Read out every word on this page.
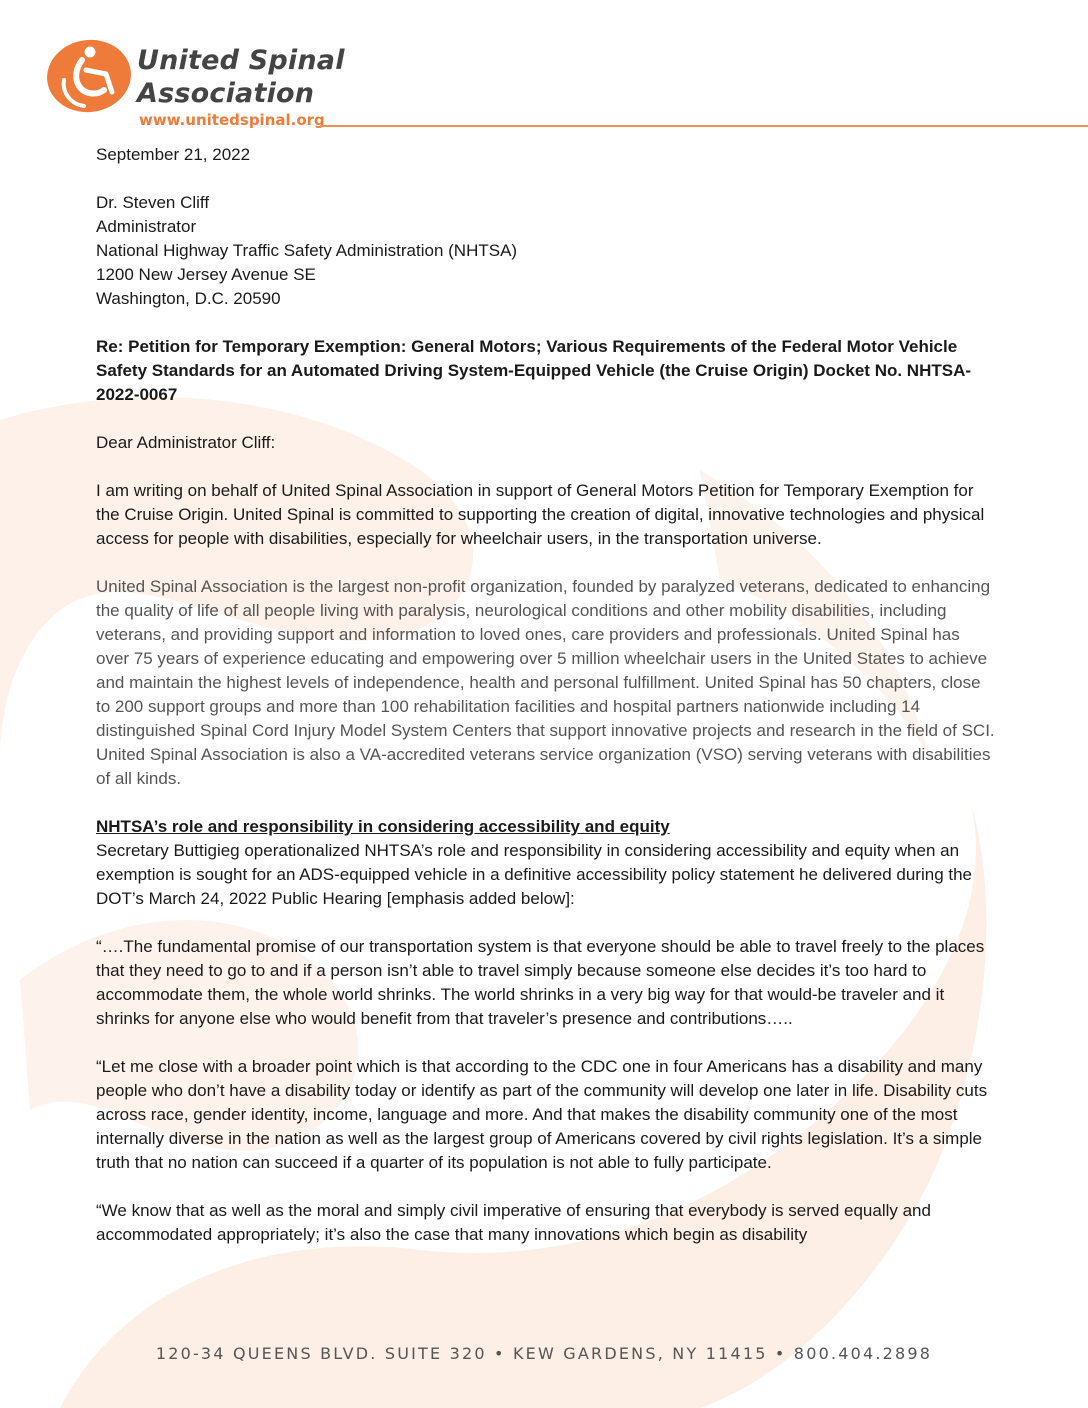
United Spinal
Association
www.unitedspinal.org

September 21, 2022

Dr. Steven Cliff
Administrator
National Highway Traffic Safety Administration (NHTSA)
1200 New Jersey Avenue SE
Washington, D.C. 20590

Re: Petition for Temporary Exemption: General Motors; Various Requirements of the Federal Motor Vehicle Safety Standards for an Automated Driving System-Equipped Vehicle (the Cruise Origin) Docket No. NHTSA-2022-0067

Dear Administrator Cliff:

I am writing on behalf of United Spinal Association in support of General Motors Petition for Temporary Exemption for the Cruise Origin. United Spinal is committed to supporting the creation of digital, innovative technologies and physical access for people with disabilities, especially for wheelchair users, in the transportation universe.

United Spinal Association is the largest non-profit organization, founded by paralyzed veterans, dedicated to enhancing the quality of life of all people living with paralysis, neurological conditions and other mobility disabilities, including veterans, and providing support and information to loved ones, care providers and professionals. United Spinal has over 75 years of experience educating and empowering over 5 million wheelchair users in the United States to achieve and maintain the highest levels of independence, health and personal fulfillment. United Spinal has 50 chapters, close to 200 support groups and more than 100 rehabilitation facilities and hospital partners nationwide including 14 distinguished Spinal Cord Injury Model System Centers that support innovative projects and research in the field of SCI. United Spinal Association is also a VA-accredited veterans service organization (VSO) serving veterans with disabilities of all kinds.

NHTSA’s role and responsibility in considering accessibility and equity
Secretary Buttigieg operationalized NHTSA’s role and responsibility in considering accessibility and equity when an exemption is sought for an ADS-equipped vehicle in a definitive accessibility policy statement he delivered during the DOT’s March 24, 2022 Public Hearing [emphasis added below]:

“….The fundamental promise of our transportation system is that everyone should be able to travel freely to the places that they need to go to and if a person isn’t able to travel simply because someone else decides it’s too hard to accommodate them, the whole world shrinks. The world shrinks in a very big way for that would-be traveler and it shrinks for anyone else who would benefit from that traveler’s presence and contributions…..

“Let me close with a broader point which is that according to the CDC one in four Americans has a disability and many people who don’t have a disability today or identify as part of the community will develop one later in life. Disability cuts across race, gender identity, income, language and more. And that makes the disability community one of the most internally diverse in the nation as well as the largest group of Americans covered by civil rights legislation. It’s a simple truth that no nation can succeed if a quarter of its population is not able to fully participate.

“We know that as well as the moral and simply civil imperative of ensuring that everybody is served equally and accommodated appropriately; it’s also the case that many innovations which begin as disability

120-34 QUEENS BLVD. SUITE 320 • KEW GARDENS, NY 11415 • 800.404.2898
